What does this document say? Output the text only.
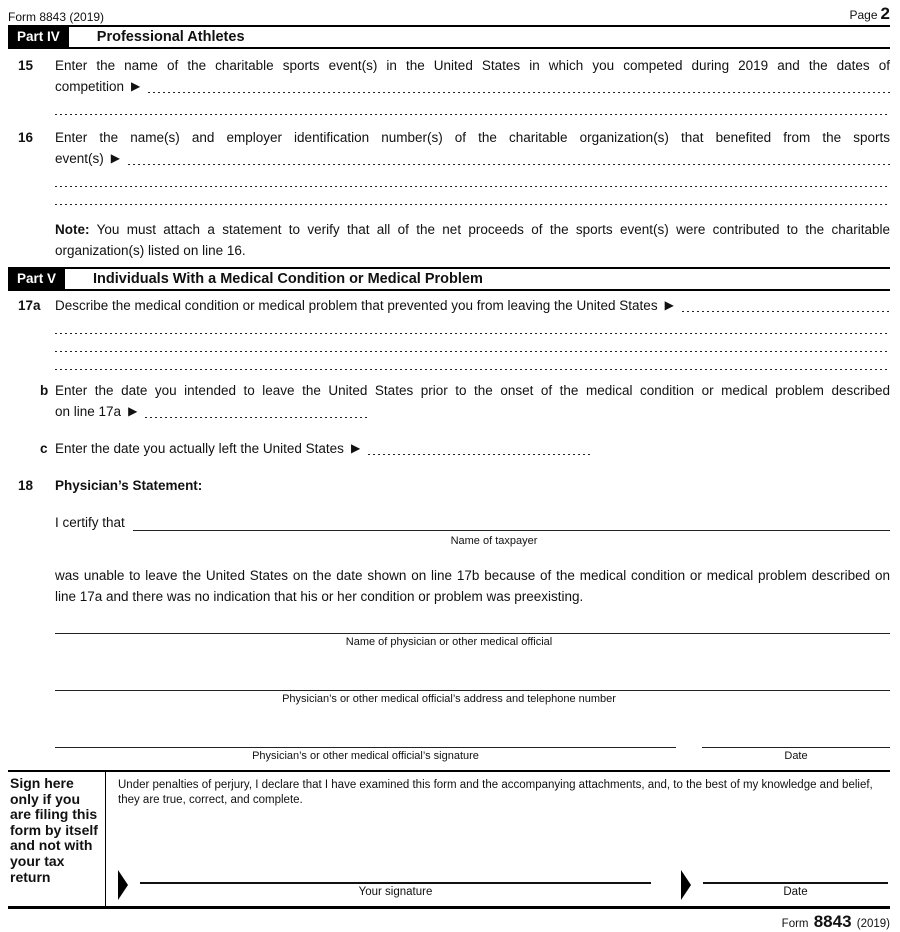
Form 8843 (2019)	Page 2
Part IV	Professional Athletes
15	Enter the name of the charitable sports event(s) in the United States in which you competed during 2019 and the dates of
competition ▶
16	Enter the name(s) and employer identification number(s) of the charitable organization(s) that benefited from the sports
event(s) ▶
Note: You must attach a statement to verify that all of the net proceeds of the sports event(s) were contributed to the charitable organization(s) listed on line 16.
Part V	Individuals With a Medical Condition or Medical Problem
17a	Describe the medical condition or medical problem that prevented you from leaving the United States ▶
b Enter the date you intended to leave the United States prior to the onset of the medical condition or medical problem described
on line 17a ▶
c Enter the date you actually left the United States ▶
18	Physician’s Statement:
I certify that
Name of taxpayer
was unable to leave the United States on the date shown on line 17b because of the medical condition or medical problem described on line 17a and there was no indication that his or her condition or problem was preexisting.
Name of physician or other medical official
Physician’s or other medical official’s address and telephone number
Physician’s or other medical official’s signature	Date
Sign here only if you are filing this form by itself and not with your tax return

Under penalties of perjury, I declare that I have examined this form and the accompanying attachments, and, to the best of my knowledge and belief, they are true, correct, and complete.

Your signature	Date
Form 8843 (2019)
